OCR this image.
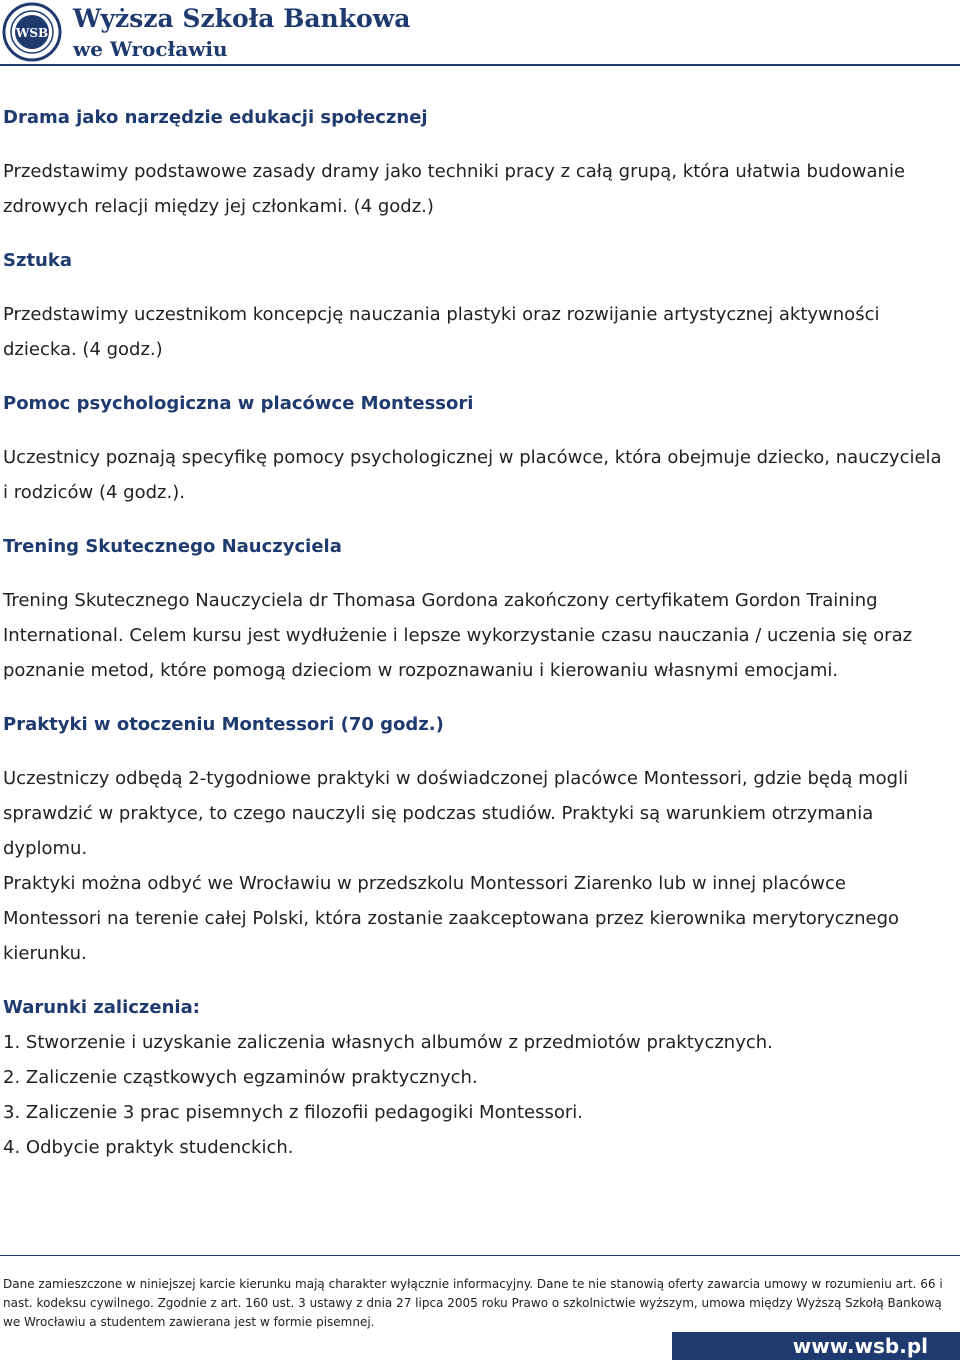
WSB Wyższa Szkoła Bankowa
we Wrocławiu

Drama jako narzędzie edukacji społecznej

Przedstawimy podstawowe zasady dramy jako techniki pracy z całą grupą, która ułatwia budowanie zdrowych relacji między jej członkami. (4 godz.)

Sztuka

Przedstawimy uczestnikom koncepcję nauczania plastyki oraz rozwijanie artystycznej aktywności dziecka. (4 godz.)

Pomoc psychologiczna w placówce Montessori

Uczestnicy poznają specyfikę pomocy psychologicznej w placówce, która obejmuje dziecko, nauczyciela i rodziców (4 godz.).

Trening Skutecznego Nauczyciela

Trening Skutecznego Nauczyciela dr Thomasa Gordona zakończony certyfikatem Gordon Training International. Celem kursu jest wydłużenie i lepsze wykorzystanie czasu nauczania / uczenia się oraz poznanie metod, które pomogą dzieciom w rozpoznawaniu i kierowaniu własnymi emocjami.

Praktyki w otoczeniu Montessori (70 godz.)

Uczestniczy odbędą 2-tygodniowe praktyki w doświadczonej placówce Montessori, gdzie będą mogli sprawdzić w praktyce, to czego nauczyli się podczas studiów. Praktyki są warunkiem otrzymania dyplomu.

Praktyki można odbyć we Wrocławiu w przedszkolu Montessori Ziarenko lub w innej placówce Montessori na terenie całej Polski, która zostanie zaakceptowana przez kierownika merytorycznego kierunku.

Warunki zaliczenia:

1. Stworzenie i uzyskanie zaliczenia własnych albumów z przedmiotów praktycznych.

2. Zaliczenie cząstkowych egzaminów praktycznych.

3. Zaliczenie 3 prac pisemnych z filozofii pedagogiki Montessori.

4. Odbycie praktyk studenckich.

Dane zamieszczone w niniejszej karcie kierunku mają charakter wyłącznie informacyjny. Dane te nie stanowią oferty zawarcia umowy w rozumieniu art. 66 i nast. kodeksu cywilnego. Zgodnie z art. 160 ust. 3 ustawy z dnia 27 lipca 2005 roku Prawo o szkolnictwie wyższym, umowa między Wyższą Szkołą Bankową we Wrocławiu a studentem zawierana jest w formie pisemnej.
www.wsb.pl
